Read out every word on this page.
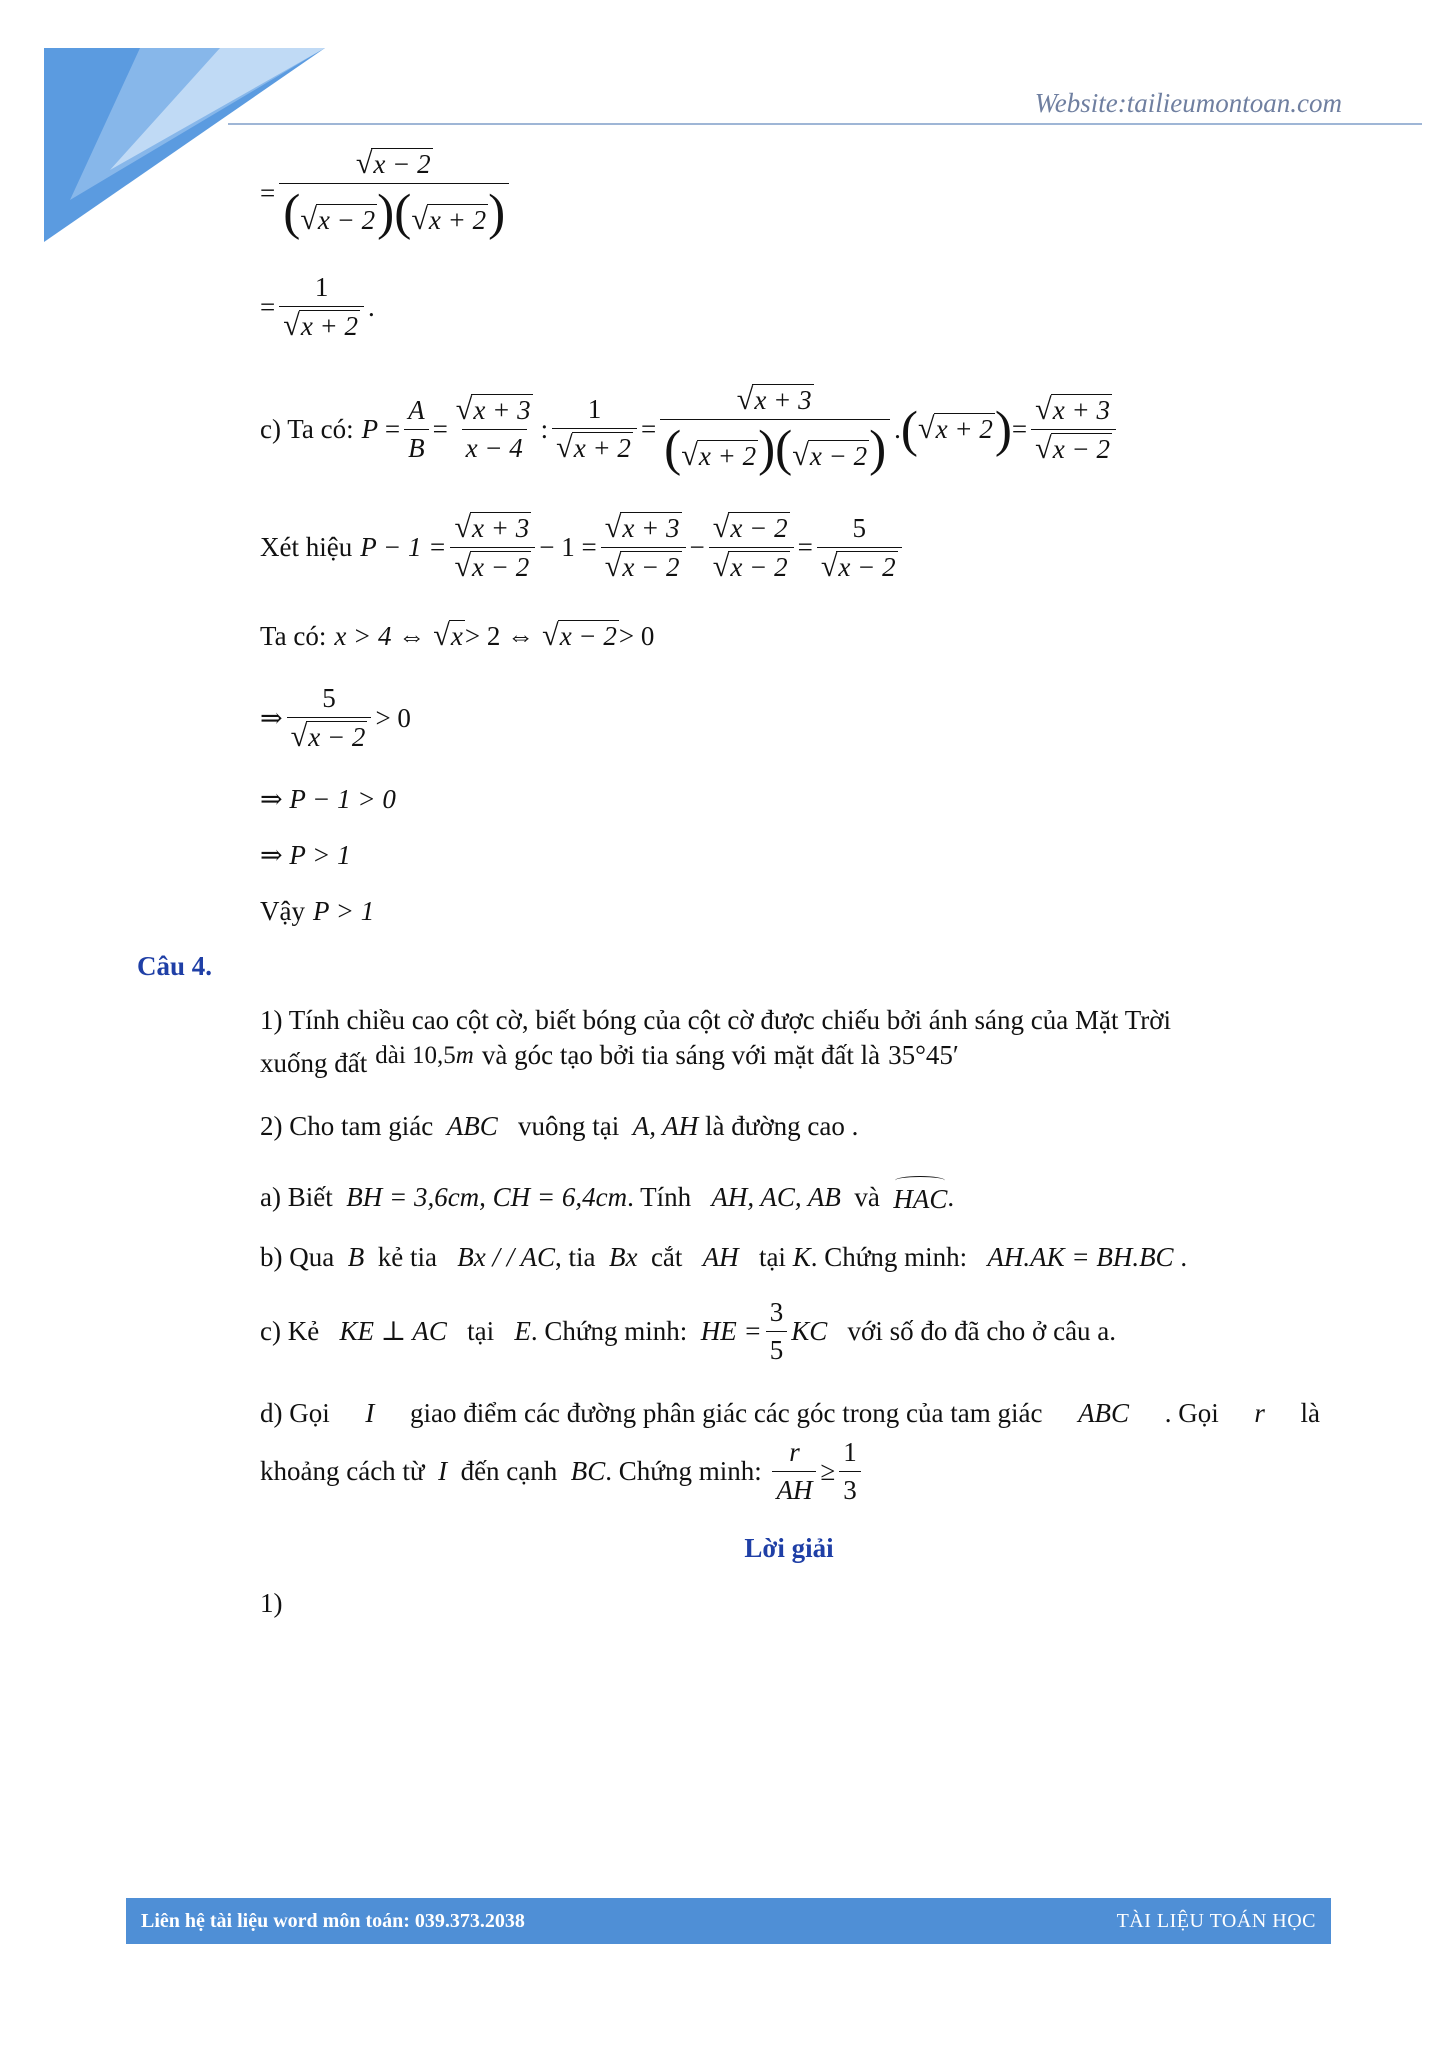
Website:tailieumontoan.com
= $\frac{√ x - 2}{( √ x - 2 )( √ x + 2 )}$
= $\frac{1}{√ x + 2}$ .
c) Ta có: $P = \frac{A}{B} = \frac{√ x + 3}{x - 4}$ : $\frac{1}{√ x + 2} = \frac{√ x + 3}{( √ x + 2 )( √ x - 2 )}$ . ( √ x + 2 ) = $\frac{√ x + 3}{√ x - 2}$
Xét hiệu $P - 1 = \frac{√ x + 3}{√ x - 2} - 1 = \frac{√ x + 3}{√ x - 2} - \frac{√ x - 2}{√ x - 2} = \frac{5}{√ x - 2}$
Ta có: x > 4 ⇔ √ x > 2 ⇔ √ x − 2 > 0
⇒ $\frac{5}{√ x - 2} > 0$
⇒ P − 1 > 0
⇒ P > 1
Vậy P > 1
Câu 4.
1) Tính chiều cao cột cờ, biết bóng của cột cờ được chiếu bởi ánh sáng của Mặt Trời
xuống đất dài 10,5 m và góc tạo bởi tia sáng với mặt đất là 35°45′
2) Cho tam giác
ABC
vuông tại
A, AH
là đường cao .
a) Biết
BH = 3,6cm, CH = 6,4cm . Tính
AH, AC, AB
và
HAC .
b) Qua
B
kẻ tia
Bx / / AC , tia
Bx
cắt
AH
tại
K . Chứng minh:
AH.AK = BH.BC
.
c) Kẻ
KE ⊥ AC
tại
E . Chứng minh:
HE = $\frac{3}{5}$ KC
với số đo đã cho ở câu a.
d) Gọi I giao điểm các đường phân giác các góc trong của tam giác ABC . Gọi r là
khoảng cách từ
I
đến cạnh
BC . Chứng minh:
$\frac{r}{AH} \ge \frac{1}{3}$
Lời giải
1)
Liên hệ tài liệu word môn toán: 039.373.2038	TÀI LIỆU TOÁN HỌC
